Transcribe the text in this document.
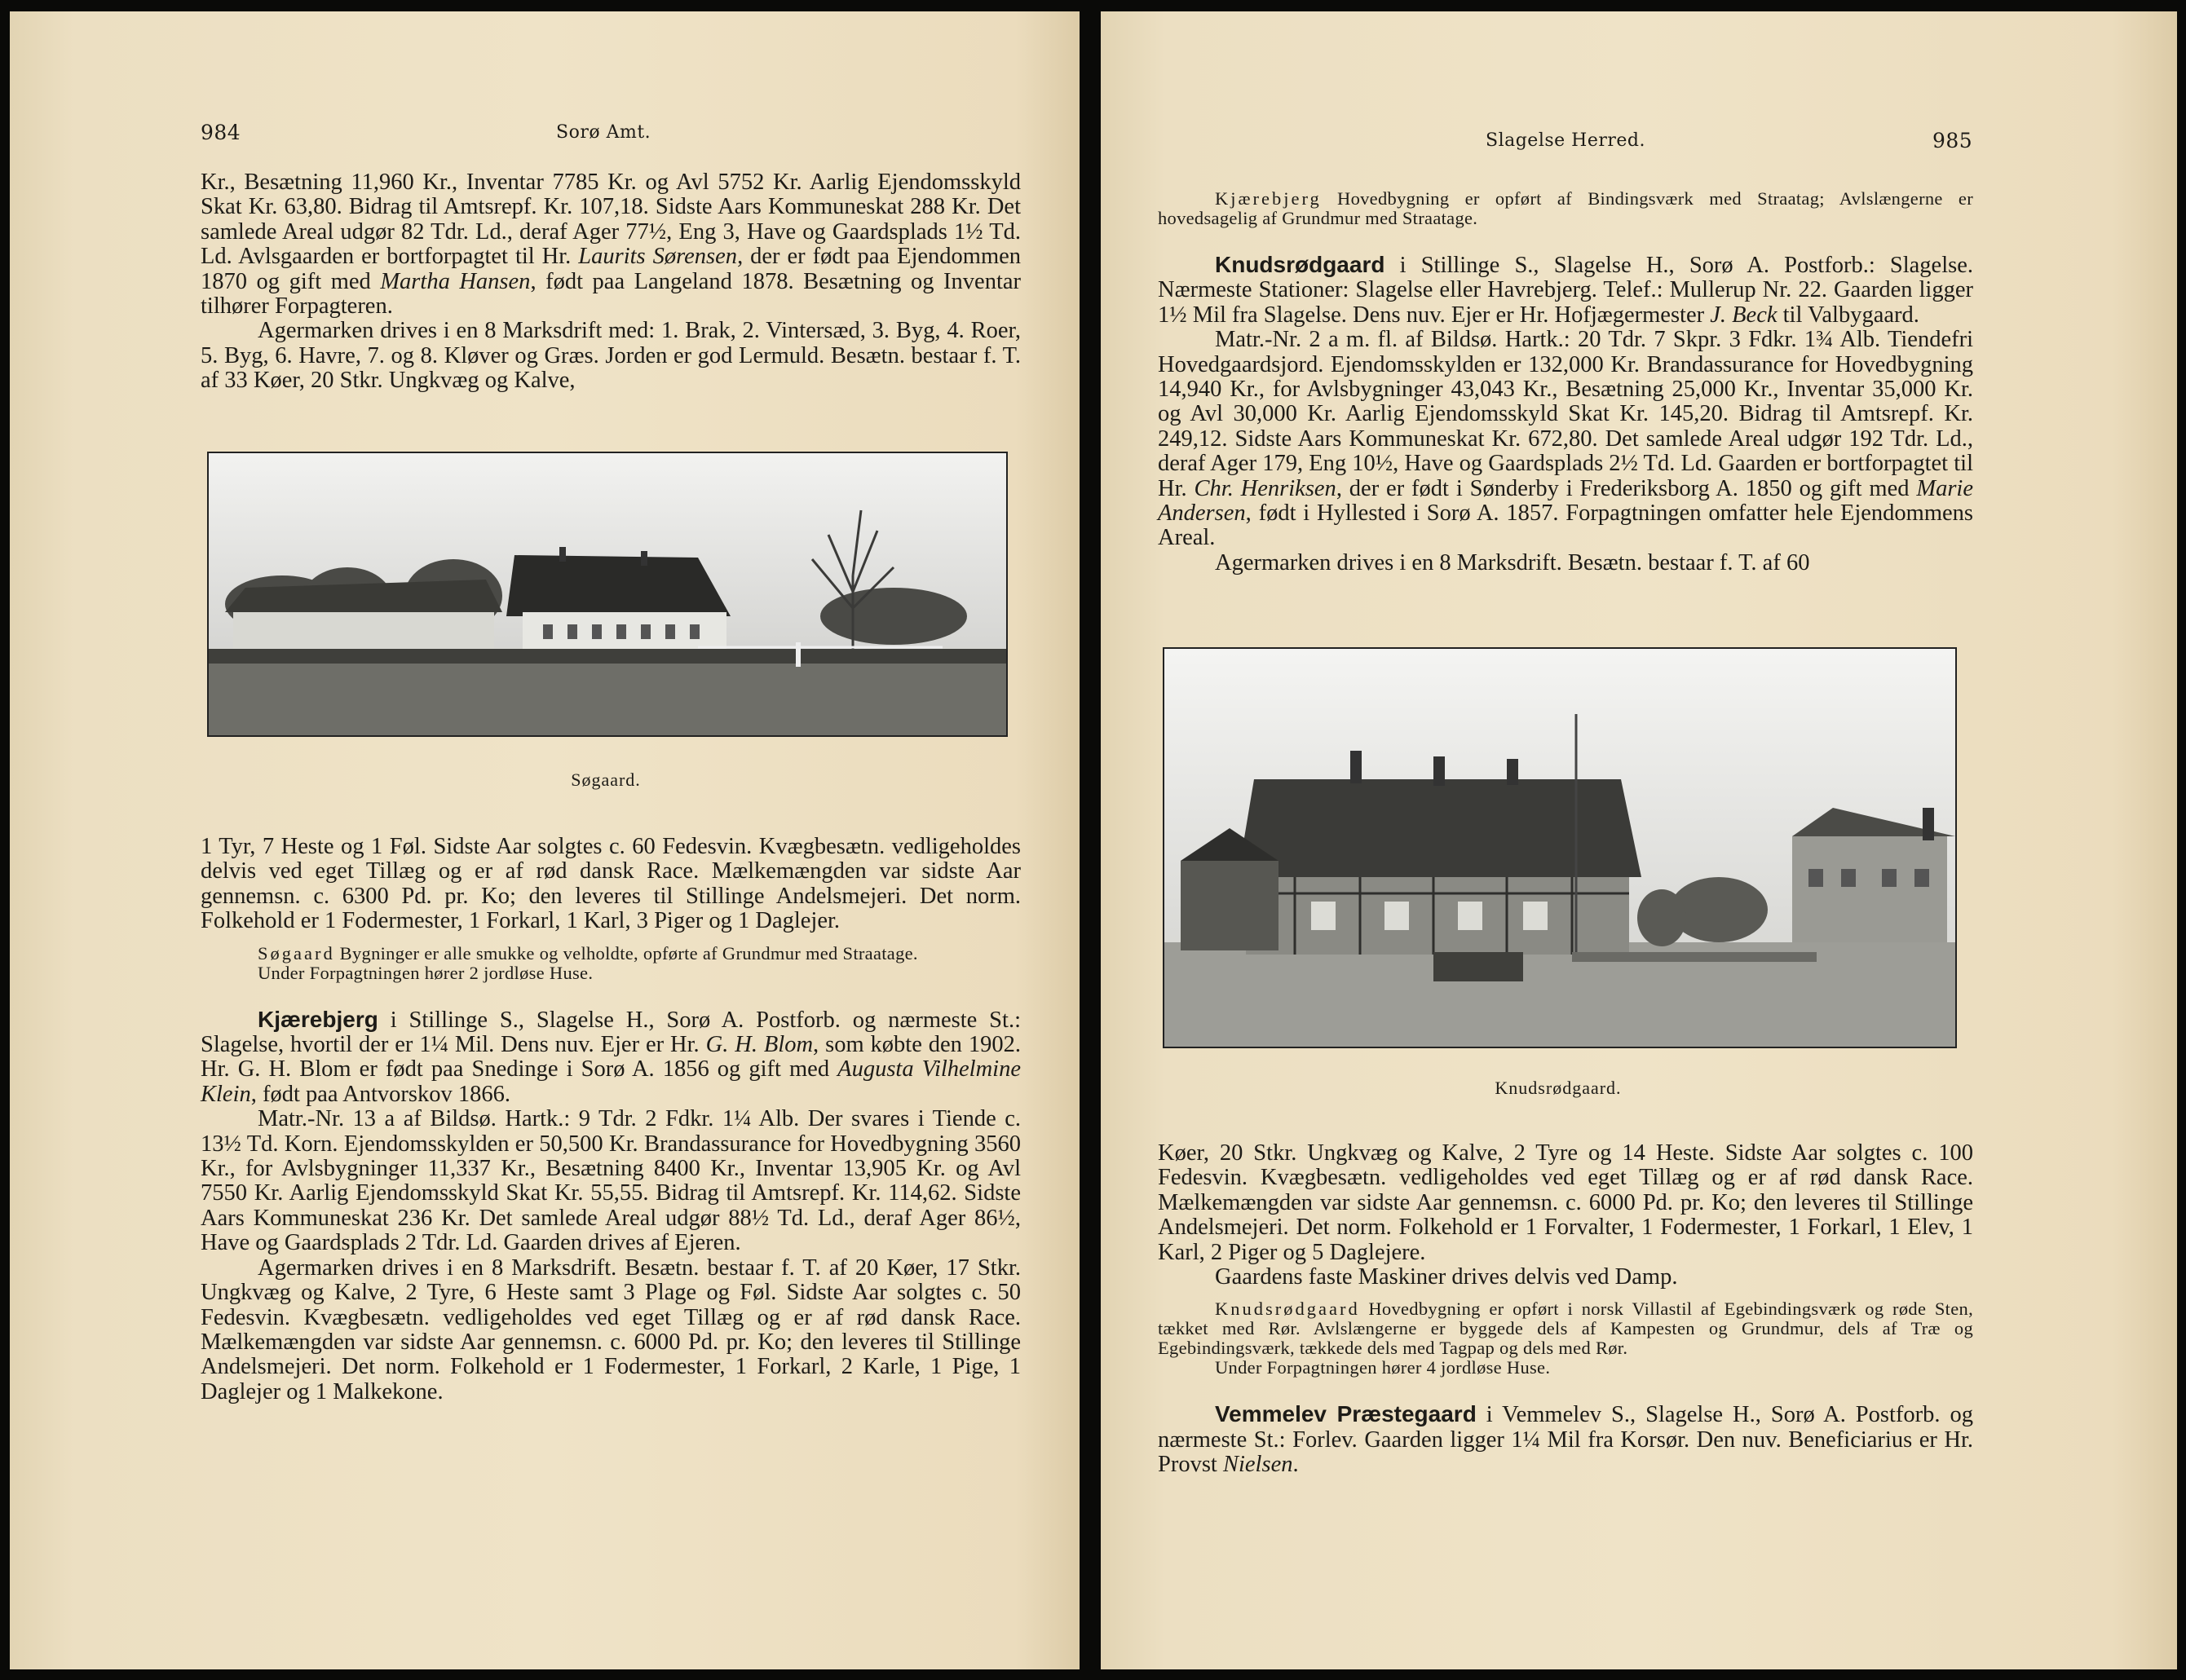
984	Sorø Amt.

Kr., Besætning 11,960 Kr., Inventar 7785 Kr. og Avl 5752 Kr. Aarlig Ejendomsskyld Skat Kr. 63,80. Bidrag til Amtsrepf. Kr. 107,18. Sidste Aars Kommuneskat 288 Kr. Det samlede Areal udgør 82 Tdr. Ld., deraf Ager 77½, Eng 3, Have og Gaardsplads 1½ Td. Ld. Avlsgaarden er bortforpagtet til Hr. Laurits Sørensen, der er født paa Ejendommen 1870 og gift med Martha Hansen, født paa Langeland 1878. Besætning og Inventar tilhører Forpagteren.

Agermarken drives i en 8 Marksdrift med: 1. Brak, 2. Vintersæd, 3. Byg, 4. Roer, 5. Byg, 6. Havre, 7. og 8. Kløver og Græs. Jorden er god Lermuld. Besætn. bestaar f. T. af 33 Køer, 20 Stkr. Ungkvæg og Kalve,

Søgaard.

1 Tyr, 7 Heste og 1 Føl. Sidste Aar solgtes c. 60 Fedesvin. Kvægbesætn. vedligeholdes delvis ved eget Tillæg og er af rød dansk Race. Mælkemængden var sidste Aar gennemsn. c. 6300 Pd. pr. Ko; den leveres til Stillinge Andelsmejeri. Det norm. Folkehold er 1 Fodermester, 1 Forkarl, 1 Karl, 3 Piger og 1 Daglejer.

Søgaard Bygninger er alle smukke og velholdte, opførte af Grundmur med Straatage.

Under Forpagtningen hører 2 jordløse Huse.

Kjærebjerg i Stillinge S., Slagelse H., Sorø A. Postforb. og nærmeste St.: Slagelse, hvortil der er 1¼ Mil. Dens nuv. Ejer er Hr. G. H. Blom, som købte den 1902. Hr. G. H. Blom er født paa Snedinge i Sorø A. 1856 og gift med Augusta Vilhelmine Klein, født paa Antvorskov 1866.

Matr.-Nr. 13 a af Bildsø. Hartk.: 9 Tdr. 2 Fdkr. 1¼ Alb. Der svares i Tiende c. 13½ Td. Korn. Ejendomsskylden er 50,500 Kr. Brandassurance for Hovedbygning 3560 Kr., for Avlsbygninger 11,337 Kr., Besætning 8400 Kr., Inventar 13,905 Kr. og Avl 7550 Kr. Aarlig Ejendomsskyld Skat Kr. 55,55. Bidrag til Amtsrepf. Kr. 114,62. Sidste Aars Kommuneskat 236 Kr. Det samlede Areal udgør 88½ Td. Ld., deraf Ager 86½, Have og Gaardsplads 2 Tdr. Ld. Gaarden drives af Ejeren.

Agermarken drives i en 8 Marksdrift. Besætn. bestaar f. T. af 20 Køer, 17 Stkr. Ungkvæg og Kalve, 2 Tyre, 6 Heste samt 3 Plage og Føl. Sidste Aar solgtes c. 50 Fedesvin. Kvægbesætn. vedligeholdes ved eget Tillæg og er af rød dansk Race. Mælkemængden var sidste Aar gennemsn. c. 6000 Pd. pr. Ko; den leveres til Stillinge Andelsmejeri. Det norm. Folkehold er 1 Fodermester, 1 Forkarl, 2 Karle, 1 Pige, 1 Daglejer og 1 Malkekone.

Slagelse Herred.	985

Kjærebjerg Hovedbygning er opført af Bindingsværk med Straatag; Avlslængerne er hovedsagelig af Grundmur med Straatage.

Knudsrødgaard i Stillinge S., Slagelse H., Sorø A. Postforb.: Slagelse. Nærmeste Stationer: Slagelse eller Havrebjerg. Telef.: Mullerup Nr. 22. Gaarden ligger 1½ Mil fra Slagelse. Dens nuv. Ejer er Hr. Hofjægermester J. Beck til Valbygaard.

Matr.-Nr. 2 a m. fl. af Bildsø. Hartk.: 20 Tdr. 7 Skpr. 3 Fdkr. 1¾ Alb. Tiendefri Hovedgaardsjord. Ejendomsskylden er 132,000 Kr. Brandassurance for Hovedbygning 14,940 Kr., for Avlsbygninger 43,043 Kr., Besætning 25,000 Kr., Inventar 35,000 Kr. og Avl 30,000 Kr. Aarlig Ejendomsskyld Skat Kr. 145,20. Bidrag til Amtsrepf. Kr. 249,12. Sidste Aars Kommuneskat Kr. 672,80. Det samlede Areal udgør 192 Tdr. Ld., deraf Ager 179, Eng 10½, Have og Gaardsplads 2½ Td. Ld. Gaarden er bortforpagtet til Hr. Chr. Henriksen, der er født i Sønderby i Frederiksborg A. 1850 og gift med Marie Andersen, født i Hyllested i Sorø A. 1857. Forpagtningen omfatter hele Ejendommens Areal.

Agermarken drives i en 8 Marksdrift. Besætn. bestaar f. T. af 60

Knudsrødgaard.

Køer, 20 Stkr. Ungkvæg og Kalve, 2 Tyre og 14 Heste. Sidste Aar solgtes c. 100 Fedesvin. Kvægbesætn. vedligeholdes ved eget Tillæg og er af rød dansk Race. Mælkemængden var sidste Aar gennemsn. c. 6000 Pd. pr. Ko; den leveres til Stillinge Andelsmejeri. Det norm. Folkehold er 1 Forvalter, 1 Fodermester, 1 Forkarl, 1 Elev, 1 Karl, 2 Piger og 5 Daglejere.

Gaardens faste Maskiner drives delvis ved Damp.

Knudsrødgaard Hovedbygning er opført i norsk Villastil af Egebindingsværk og røde Sten, tækket med Rør. Avlslængerne er byggede dels af Kampesten og Grundmur, dels af Træ og Egebindingsværk, tækkede dels med Tagpap og dels med Rør.

Under Forpagtningen hører 4 jordløse Huse.

Vemmelev Præstegaard i Vemmelev S., Slagelse H., Sorø A. Postforb. og nærmeste St.: Forlev. Gaarden ligger 1¼ Mil fra Korsør. Den nuv. Beneficiarius er Hr. Provst Nielsen.
